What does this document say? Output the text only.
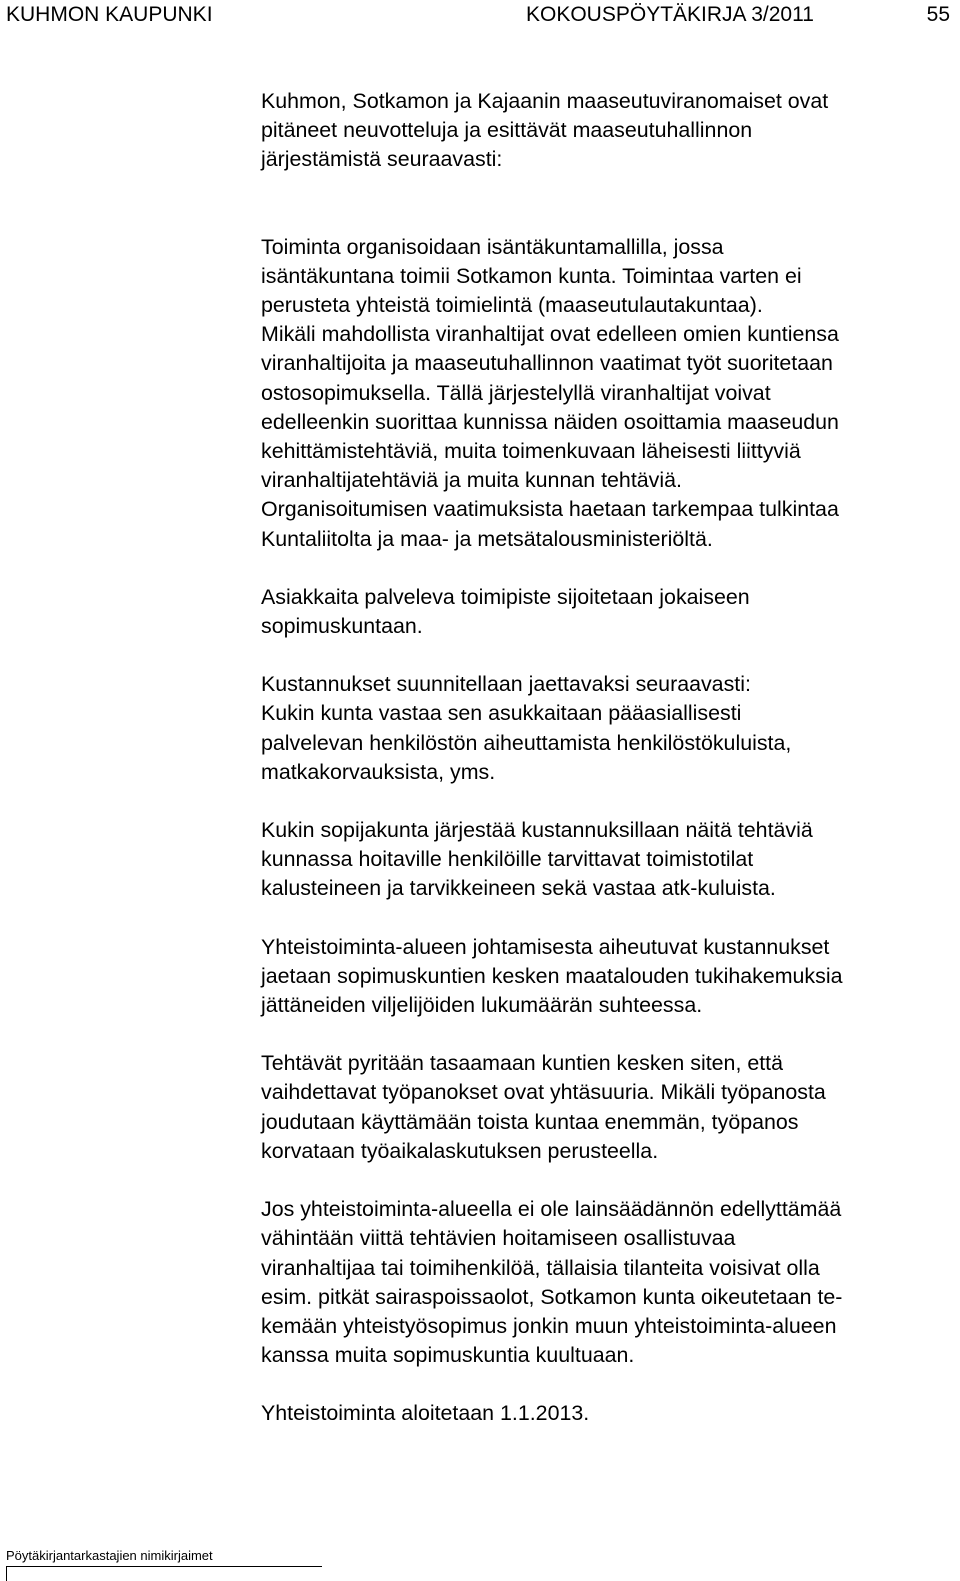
KUHMON KAUPUNKI	KOKOUSPÖYTÄKIRJA 3/2011	55

Kuhmon, Sotkamon ja Kajaanin maaseutuviranomaiset ovat
pitäneet neuvotteluja ja esittävät maaseutuhallinnon
järjestämistä seuraavasti:

Toiminta organisoidaan isäntäkuntamallilla, jossa
isäntäkuntana toimii Sotkamon kunta. Toimintaa varten ei
perusteta yhteistä toimielintä (maaseutulautakuntaa).
Mikäli mahdollista viranhaltijat ovat edelleen omien kuntiensa
viranhaltijoita ja maaseutuhallinnon vaatimat työt suoritetaan
ostosopimuksella. Tällä järjestelyllä viranhaltijat voivat
edelleenkin suorittaa kunnissa näiden osoittamia maaseudun
kehittämistehtäviä, muita toimenkuvaan läheisesti liittyviä
viranhaltijatehtäviä ja muita kunnan tehtäviä.
Organisoitumisen vaatimuksista haetaan tarkempaa tulkintaa
Kuntaliitolta ja maa- ja metsätalousministeriöltä.

Asiakkaita palveleva toimipiste sijoitetaan jokaiseen
sopimuskuntaan.

Kustannukset suunnitellaan jaettavaksi seuraavasti:
Kukin kunta vastaa sen asukkaitaan pääasiallisesti
palvelevan henkilöstön aiheuttamista henkilöstökuluista,
matkakorvauksista, yms.

Kukin sopijakunta järjestää kustannuksillaan näitä tehtäviä
kunnassa hoitaville henkilöille tarvittavat toimistotilat
kalusteineen ja tarvikkeineen sekä vastaa atk-kuluista.

Yhteistoiminta-alueen johtamisesta aiheutuvat kustannukset
jaetaan sopimuskuntien kesken maatalouden tukihakemuksia
jättäneiden viljelijöiden lukumäärän suhteessa.

Tehtävät pyritään tasaamaan kuntien kesken siten, että
vaihdettavat työpanokset ovat yhtäsuuria. Mikäli työpanosta
joudutaan käyttämään toista kuntaa enemmän, työpanos
korvataan työaikalaskutuksen perusteella.

Jos yhteistoiminta-alueella ei ole lainsäädännön edellyttämää
vähintään viittä tehtävien hoitamiseen osallistuvaa
viranhaltijaa tai toimihenkilöä, tällaisia tilanteita voisivat olla
esim. pitkät sairaspoissaolot, Sotkamon kunta oikeutetaan te-
kemään yhteistyösopimus jonkin muun yhteistoiminta-alueen
kanssa muita sopimuskuntia kuultuaan.

Yhteistoiminta aloitetaan 1.1.2013.

Pöytäkirjantarkastajien nimikirjaimet
